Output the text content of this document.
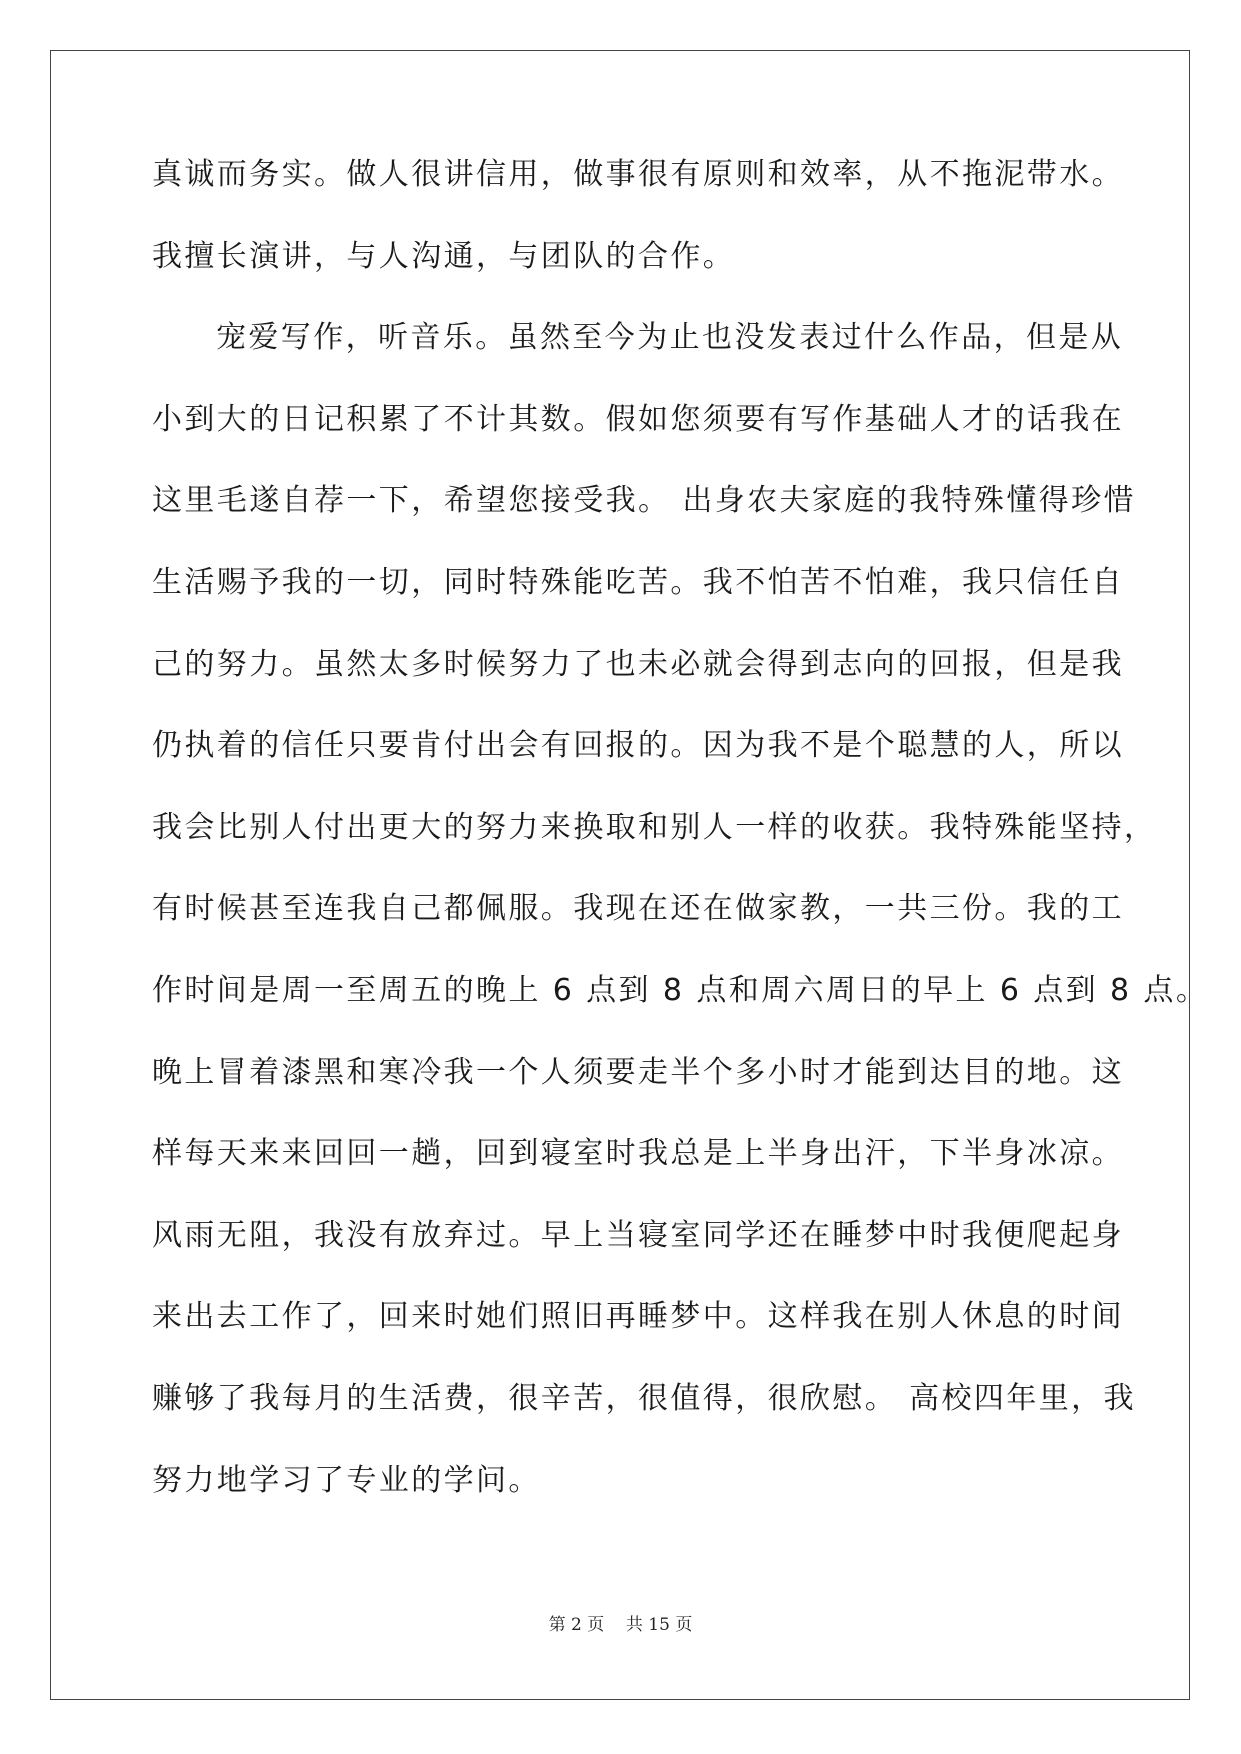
真诚而务实。做人很讲信用，做事很有原则和效率，从不拖泥带水。
我擅长演讲，与人沟通，与团队的合作。
宠爱写作，听音乐。虽然至今为止也没发表过什么作品，但是从
小到大的日记积累了不计其数。假如您须要有写作基础人才的话我在
这里毛遂自荐一下，希望您接受我。 出身农夫家庭的我特殊懂得珍惜
生活赐予我的一切，同时特殊能吃苦。我不怕苦不怕难，我只信任自
己的努力。虽然太多时候努力了也未必就会得到志向的回报，但是我
仍执着的信任只要肯付出会有回报的。因为我不是个聪慧的人，所以
我会比别人付出更大的努力来换取和别人一样的收获。我特殊能坚持，
有时候甚至连我自己都佩服。我现在还在做家教，一共三份。我的工
作时间是周一至周五的晚上 6 点到 8 点和周六周日的早上 6 点到 8 点。
晚上冒着漆黑和寒冷我一个人须要走半个多小时才能到达目的地。这
样每天来来回回一趟，回到寝室时我总是上半身出汗，下半身冰凉。
风雨无阻，我没有放弃过。早上当寝室同学还在睡梦中时我便爬起身
来出去工作了，回来时她们照旧再睡梦中。这样我在别人休息的时间
赚够了我每月的生活费，很辛苦，很值得，很欣慰。 高校四年里，我
努力地学习了专业的学问。
第 2 页    共 15 页
